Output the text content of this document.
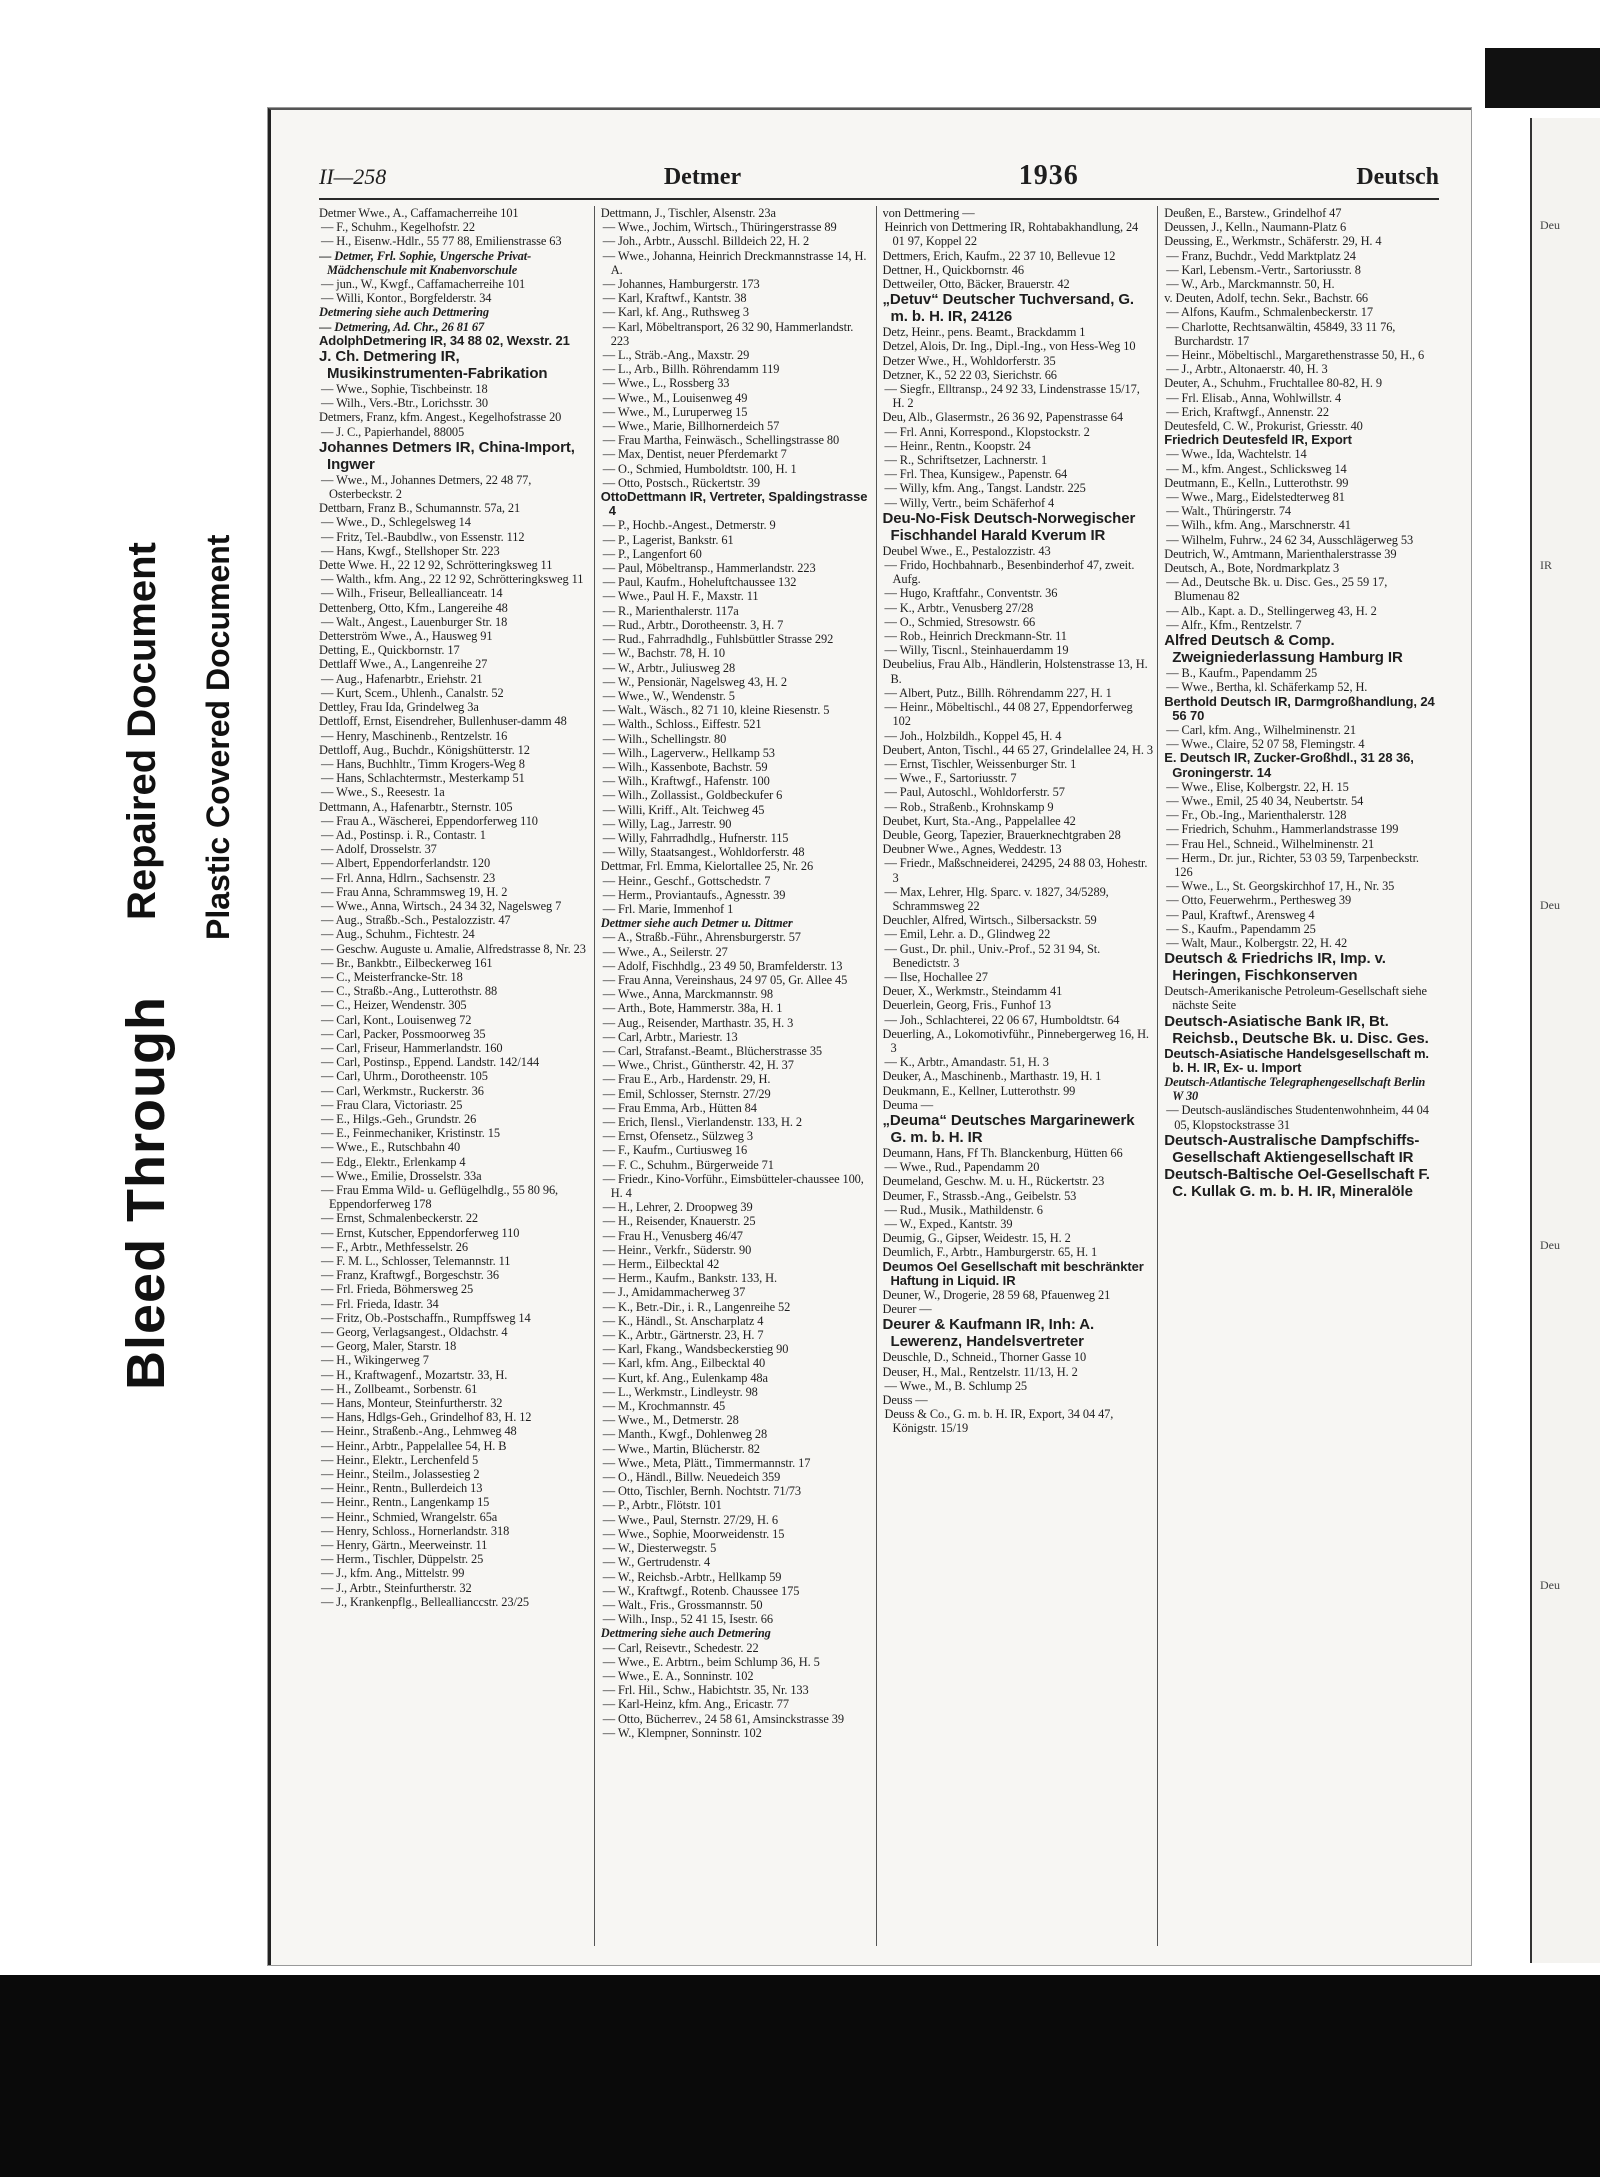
Bleed Through
Repaired Document Plastic Covered Document
II—258	Detmer	1936	Deutsch

Detmer Wwe., A., Caffamacherreihe 101

— F., Schuhm., Kegelhofstr. 22

— H., Eisenw.-Hdlr., 55 77 88, Emilienstrasse 63

— Detmer, Frl. Sophie, Ungersche Privat-Mädchenschule mit Knabenvorschule

— jun., W., Kwgf., Caffamacherreihe 101

— Willi, Kontor., Borgfelderstr. 34

Detmering siehe auch Dettmering

— Detmering, Ad. Chr., 26 81 67

AdolphDetmering IR, 34 88 02, Wexstr. 21

J. Ch. Detmering IR, Musikinstrumenten-Fabrikation

— Wwe., Sophie, Tischbeinstr. 18

— Wilh., Vers.-Btr., Lorichsstr. 30

Detmers, Franz, kfm. Angest., Kegelhofstrasse 20

— J. C., Papierhandel, 88005

Johannes Detmers IR, China-Import, Ingwer

— Wwe., M., Johannes Detmers, 22 48 77, Osterbeckstr. 2

Dettbarn, Franz B., Schumannstr. 57a, 21

— Wwe., D., Schlegelsweg 14

— Fritz, Tel.-Baubdlw., von Essenstr. 112

— Hans, Kwgf., Stellshoper Str. 223

Dette Wwe. H., 22 12 92, Schrötteringksweg 11

— Walth., kfm. Ang., 22 12 92, Schrötteringksweg 11

— Wilh., Friseur, Belleallianceatr. 14

Dettenberg, Otto, Kfm., Langereihe 48

— Walt., Angest., Lauenburger Str. 18

Detterström Wwe., A., Hausweg 91

Detting, E., Quickbornstr. 17

Dettlaff Wwe., A., Langenreihe 27

— Aug., Hafenarbtr., Eriehstr. 21

— Kurt, Scem., Uhlenh., Canalstr. 52

Dettley, Frau Ida, Grindelweg 3a

Dettloff, Ernst, Eisendreher, Bullenhuser-damm 48

— Henry, Maschinenb., Rentzelstr. 16

Dettloff, Aug., Buchdr., Königshütterstr. 12

— Hans, Buchhltr., Timm Krogers-Weg 8

— Hans, Schlachtermstr., Mesterkamp 51

— Wwe., S., Reesestr. 1a

Dettmann, A., Hafenarbtr., Sternstr. 105

— Frau A., Wäscherei, Eppendorferweg 110

— Ad., Postinsp. i. R., Contastr. 1

— Adolf, Drosselstr. 37

— Albert, Eppendorferlandstr. 120

— Frl. Anna, Hdlrn., Sachsenstr. 23

— Frau Anna, Schrammsweg 19, H. 2

— Wwe., Anna, Wirtsch., 24 34 32, Nagelsweg 7

— Aug., Straßb.-Sch., Pestalozzistr. 47

— Aug., Schuhm., Fichtestr. 24

— Geschw. Auguste u. Amalie, Alfredstrasse 8, Nr. 23

— Br., Bankbtr., Eilbeckerweg 161

— C., Meisterfrancke-Str. 18

— C., Straßb.-Ang., Lutterothstr. 88

— C., Heizer, Wendenstr. 305

— Carl, Kont., Louisenweg 72

— Carl, Packer, Possmoorweg 35

— Carl, Friseur, Hammerlandstr. 160

— Carl, Postinsp., Eppend. Landstr. 142/144

— Carl, Uhrm., Dorotheenstr. 105

— Carl, Werkmstr., Ruckerstr. 36

— Frau Clara, Victoriastr. 25

— E., Hilgs.-Geh., Grundstr. 26

— E., Feinmechaniker, Kristinstr. 15

— Wwe., E., Rutschbahn 40

— Edg., Elektr., Erlenkamp 4

— Wwe., Emilie, Drosselstr. 33a

— Frau Emma Wild- u. Geflügelhdlg., 55 80 96, Eppendorferweg 178

— Ernst, Schmalenbeckerstr. 22

— Ernst, Kutscher, Eppendorferweg 110

— F., Arbtr., Methfesselstr. 26

— F. M. L., Schlosser, Telemannstr. 11

— Franz, Kraftwgf., Borgeschstr. 36

— Frl. Frieda, Böhmersweg 25

— Frl. Frieda, Idastr. 34

— Fritz, Ob.-Postschaffn., Rumpffsweg 14

— Georg, Verlagsangest., Oldachstr. 4

— Georg, Maler, Starstr. 18

— H., Wikingerweg 7

— H., Kraftwagenf., Mozartstr. 33, H.

— H., Zollbeamt., Sorbenstr. 61

— Hans, Monteur, Steinfurtherstr. 32

— Hans, Hdlgs-Geh., Grindelhof 83, H. 12

— Heinr., Straßenb.-Ang., Lehmweg 48

— Heinr., Arbtr., Pappelallee 54, H. B

— Heinr., Elektr., Lerchenfeld 5

— Heinr., Steilm., Jolassestieg 2

— Heinr., Rentn., Bullerdeich 13

— Heinr., Rentn., Langenkamp 15

— Heinr., Schmied, Wrangelstr. 65a

— Henry, Schloss., Hornerlandstr. 318

— Henry, Gärtn., Meerweinstr. 11

— Herm., Tischler, Düppelstr. 25

— J., kfm. Ang., Mittelstr. 99

— J., Arbtr., Steinfurtherstr. 32

— J., Krankenpflg., Belleallianccstr. 23/25

Dettmann, J., Tischler, Alsenstr. 23a

— Wwe., Jochim, Wirtsch., Thüringerstrasse 89

— Joh., Arbtr., Ausschl. Billdeich 22, H. 2

— Wwe., Johanna, Heinrich Dreckmannstrasse 14, H. A.

— Johannes, Hamburgerstr. 173

— Karl, Kraftwf., Kantstr. 38

— Karl, kf. Ang., Ruthsweg 3

— Karl, Möbeltransport, 26 32 90, Hammerlandstr. 223

— L., Sträb.-Ang., Maxstr. 29

— L., Arb., Billh. Röhrendamm 119

— Wwe., L., Rossberg 33

— Wwe., M., Louisenweg 49

— Wwe., M., Luruperweg 15

— Wwe., Marie, Billhornerdeich 57

— Frau Martha, Feinwäsch., Schellingstrasse 80

— Max, Dentist, neuer Pferdemarkt 7

— O., Schmied, Humboldtstr. 100, H. 1

— Otto, Postsch., Rückertstr. 39

OttoDettmann IR, Vertreter, Spaldingstrasse 4

— P., Hochb.-Angest., Detmerstr. 9

— P., Lagerist, Bankstr. 61

— P., Langenfort 60

— Paul, Möbeltransp., Hammerlandstr. 223

— Paul, Kaufm., Hoheluftchaussee 132

— Wwe., Paul H. F., Maxstr. 11

— R., Marienthalerstr. 117a

— Rud., Arbtr., Dorotheenstr. 3, H. 7

— Rud., Fahrradhdlg., Fuhlsbüttler Strasse 292

— W., Bachstr. 78, H. 10

— W., Arbtr., Juliusweg 28

— W., Pensionär, Nagelsweg 43, H. 2

— Wwe., W., Wendenstr. 5

— Walt., Wäsch., 82 71 10, kleine Riesenstr. 5

— Walth., Schloss., Eiffestr. 521

— Wilh., Schellingstr. 80

— Wilh., Lagerverw., Hellkamp 53

— Wilh., Kassenbote, Bachstr. 59

— Wilh., Kraftwgf., Hafenstr. 100

— Wilh., Zollassist., Goldbeckufer 6

— Willi, Kriff., Alt. Teichweg 45

— Willy, Lag., Jarrestr. 90

— Willy, Fahrradhdlg., Hufnerstr. 115

— Willy, Staatsangest., Wohldorferstr. 48

Dettmar, Frl. Emma, Kielortallee 25, Nr. 26

— Heinr., Geschf., Gottschedstr. 7

— Herm., Proviantaufs., Agnesstr. 39

— Frl. Marie, Immenhof 1

Dettmer siehe auch Detmer u. Dittmer

— A., Straßb.-Führ., Ahrensburgerstr. 57

— Wwe., A., Seilerstr. 27

— Adolf, Fischhdlg., 23 49 50, Bramfelderstr. 13

— Frau Anna, Vereinshaus, 24 97 05, Gr. Allee 45

— Wwe., Anna, Marckmannstr. 98

— Arth., Bote, Hammerstr. 38a, H. 1

— Aug., Reisender, Marthastr. 35, H. 3

— Carl, Arbtr., Mariestr. 13

— Carl, Strafanst.-Beamt., Blücherstrasse 35

— Wwe., Christ., Güntherstr. 42, H. 37

— Frau E., Arb., Hardenstr. 29, H.

— Emil, Schlosser, Sternstr. 27/29

— Frau Emma, Arb., Hütten 84

— Erich, Ilensl., Vierlandenstr. 133, H. 2

— Ernst, Ofensetz., Sülzweg 3

— F., Kaufm., Curtiusweg 16

— F. C., Schuhm., Bürgerweide 71

— Friedr., Kino-Vorführ., Eimsbütteler-chaussee 100, H. 4

— H., Lehrer, 2. Droopweg 39

— H., Reisender, Knauerstr. 25

— Frau H., Venusberg 46/47

— Heinr., Verkfr., Süderstr. 90

— Herm., Eilbecktal 42

— Herm., Kaufm., Bankstr. 133, H.

— J., Amidammacherweg 37

— K., Betr.-Dir., i. R., Langenreihe 52

— K., Händl., St. Anscharplatz 4

— K., Arbtr., Gärtnerstr. 23, H. 7

— Karl, Fkang., Wandsbeckerstieg 90

— Karl, kfm. Ang., Eilbecktal 40

— Kurt, kf. Ang., Eulenkamp 48a

— L., Werkmstr., Lindleystr. 98

— M., Krochmannstr. 45

— Wwe., M., Detmerstr. 28

— Manth., Kwgf., Dohlenweg 28

— Wwe., Martin, Blücherstr. 82

— Wwe., Meta, Plätt., Timmermannstr. 17

— O., Händl., Billw. Neuedeich 359

— Otto, Tischler, Bernh. Nochtstr. 71/73

— P., Arbtr., Flötstr. 101

— Wwe., Paul, Sternstr. 27/29, H. 6

— Wwe., Sophie, Moorweidenstr. 15

— W., Diesterwegstr. 5

— W., Gertrudenstr. 4

— W., Reichsb.-Arbtr., Hellkamp 59

— W., Kraftwgf., Rotenb. Chaussee 175

— Walt., Fris., Grossmannstr. 50

— Wilh., Insp., 52 41 15, Isestr. 66

Dettmering siehe auch Detmering

— Carl, Reisevtr., Schedestr. 22

— Wwe., E. Arbtrn., beim Schlump 36, H. 5

— Wwe., E. A., Sonninstr. 102

— Frl. Hil., Schw., Habichtstr. 35, Nr. 133

— Karl-Heinz, kfm. Ang., Ericastr. 77

— Otto, Bücherrev., 24 58 61, Amsinckstrasse 39

— W., Klempner, Sonninstr. 102

von Dettmering —

Heinrich von Dettmering IR, Rohtabakhandlung, 24 01 97, Koppel 22

Dettmers, Erich, Kaufm., 22 37 10, Bellevue 12

Dettner, H., Quickbornstr. 46

Dettweiler, Otto, Bäcker, Brauerstr. 42

„Detuv“ Deutscher Tuchversand, G. m. b. H. IR, 24126

Detz, Heinr., pens. Beamt., Brackdamm 1

Detzel, Alois, Dr. Ing., Dipl.-Ing., von Hess-Weg 10

Detzer Wwe., H., Wohldorferstr. 35

Detzner, K., 52 22 03, Sierichstr. 66

— Siegfr., Elltransp., 24 92 33, Lindenstrasse 15/17, H. 2

Deu, Alb., Glasermstr., 26 36 92, Papenstrasse 64

— Frl. Anni, Korrespond., Klopstockstr. 2

— Heinr., Rentn., Koopstr. 24

— R., Schriftsetzer, Lachnerstr. 1

— Frl. Thea, Kunsigew., Papenstr. 64

— Willy, kfm. Ang., Tangst. Landstr. 225

— Willy, Vertr., beim Schäferhof 4

Deu-No-Fisk Deutsch-Norwegischer Fischhandel Harald Kverum IR

Deubel Wwe., E., Pestalozzistr. 43

— Frido, Hochbahnarb., Besenbinderhof 47, zweit. Aufg.

— Hugo, Kraftfahr., Conventstr. 36

— K., Arbtr., Venusberg 27/28

— O., Schmied, Stresowstr. 66

— Rob., Heinrich Dreckmann-Str. 11

— Willy, Tiscnl., Steinhauerdamm 19

Deubelius, Frau Alb., Händlerin, Holstenstrasse 13, H. B.

— Albert, Putz., Billh. Röhrendamm 227, H. 1

— Heinr., Möbeltischl., 44 08 27, Eppendorferweg 102

— Joh., Holzbildh., Koppel 45, H. 4

Deubert, Anton, Tischl., 44 65 27, Grindelallee 24, H. 3

— Ernst, Tischler, Weissenburger Str. 1

— Wwe., F., Sartoriusstr. 7

— Paul, Autoschl., Wohldorferstr. 57

— Rob., Straßenb., Krohnskamp 9

Deubet, Kurt, Sta.-Ang., Pappelallee 42

Deuble, Georg, Tapezier, Brauerknechtgraben 28

Deubner Wwe., Agnes, Weddestr. 13

— Friedr., Maßschneiderei, 24295, 24 88 03, Hohestr. 3

— Max, Lehrer, Hlg. Sparc. v. 1827, 34/5289, Schrammsweg 22

Deuchler, Alfred, Wirtsch., Silbersackstr. 59

— Emil, Lehr. a. D., Glindweg 22

— Gust., Dr. phil., Univ.-Prof., 52 31 94, St. Benedictstr. 3

— Ilse, Hochallee 27

Deuer, X., Werkmstr., Steindamm 41

Deuerlein, Georg, Fris., Funhof 13

— Joh., Schlachterei, 22 06 67, Humboldtstr. 64

Deuerling, A., Lokomotivführ., Pinnebergerweg 16, H. 3

— K., Arbtr., Amandastr. 51, H. 3

Deuker, A., Maschinenb., Marthastr. 19, H. 1

Deukmann, E., Kellner, Lutterothstr. 99

Deuma —

„Deuma“ Deutsches Margarinewerk G. m. b. H. IR

Deumann, Hans, Ff Th. Blanckenburg, Hütten 66

— Wwe., Rud., Papendamm 20

Deumeland, Geschw. M. u. H., Rückertstr. 23

Deumer, F., Strassb.-Ang., Geibelstr. 53

— Rud., Musik., Mathildenstr. 6

— W., Exped., Kantstr. 39

Deumig, G., Gipser, Weidestr. 15, H. 2

Deumlich, F., Arbtr., Hamburgerstr. 65, H. 1

Deumos Oel Gesellschaft mit beschränkter Haftung in Liquid. IR

Deuner, W., Drogerie, 28 59 68, Pfauenweg 21

Deurer —

Deurer & Kaufmann IR, Inh: A. Lewerenz, Handelsvertreter

Deuschle, D., Schneid., Thorner Gasse 10

Deuser, H., Mal., Rentzelstr. 11/13, H. 2

— Wwe., M., B. Schlump 25

Deuss —

Deuss & Co., G. m. b. H. IR, Export, 34 04 47, Königstr. 15/19

Deußen, E., Barstew., Grindelhof 47

Deussen, J., Kelln., Naumann-Platz 6

Deussing, E., Werkmstr., Schäferstr. 29, H. 4

— Franz, Buchdr., Vedd Marktplatz 24

— Karl, Lebensm.-Vertr., Sartoriusstr. 8

— W., Arb., Marckmannstr. 50, H.

v. Deuten, Adolf, techn. Sekr., Bachstr. 66

— Alfons, Kaufm., Schmalenbeckerstr. 17

— Charlotte, Rechtsanwältin, 45849, 33 11 76, Burchardstr. 17

— Heinr., Möbeltischl., Margarethenstrasse 50, H., 6

— J., Arbtr., Altonaerstr. 40, H. 3

Deuter, A., Schuhm., Fruchtallee 80-82, H. 9

— Frl. Elisab., Anna, Wohlwillstr. 4

— Erich, Kraftwgf., Annenstr. 22

Deutesfeld, C. W., Prokurist, Griesstr. 40

Friedrich Deutesfeld IR, Export

— Wwe., Ida, Wachtelstr. 14

— M., kfm. Angest., Schlicksweg 14

Deutmann, E., Kelln., Lutterothstr. 99

— Wwe., Marg., Eidelstedterweg 81

— Walt., Thüringerstr. 74

— Wilh., kfm. Ang., Marschnerstr. 41

— Wilhelm, Fuhrw., 24 62 34, Ausschlägerweg 53

Deutrich, W., Amtmann, Marienthalerstrasse 39

Deutsch, A., Bote, Nordmarkplatz 3

— Ad., Deutsche Bk. u. Disc. Ges., 25 59 17, Blumenau 82

— Alb., Kapt. a. D., Stellingerweg 43, H. 2

— Alfr., Kfm., Rentzelstr. 7

Alfred Deutsch & Comp. Zweigniederlassung Hamburg IR

— B., Kaufm., Papendamm 25

— Wwe., Bertha, kl. Schäferkamp 52, H.

Berthold Deutsch IR, Darmgroßhandlung, 24 56 70

— Carl, kfm. Ang., Wilhelminenstr. 21

— Wwe., Claire, 52 07 58, Flemingstr. 4

E. Deutsch IR, Zucker-Großhdl., 31 28 36, Groningerstr. 14

— Wwe., Elise, Kolbergstr. 22, H. 15

— Wwe., Emil, 25 40 34, Neubertstr. 54

— Fr., Ob.-Ing., Marienthalerstr. 128

— Friedrich, Schuhm., Hammerlandstrasse 199

— Frau Hel., Schneid., Wilhelminenstr. 21

— Herm., Dr. jur., Richter, 53 03 59, Tarpenbeckstr. 126

— Wwe., L., St. Georgskirchhof 17, H., Nr. 35

— Otto, Feuerwehrm., Perthesweg 39

— Paul, Kraftwf., Arensweg 4

— S., Kaufm., Papendamm 25

— Walt, Maur., Kolbergstr. 22, H. 42

Deutsch & Friedrichs IR, Imp. v. Heringen, Fischkonserven

Deutsch-Amerikanische Petroleum-Gesellschaft siehe nächste Seite

Deutsch-Asiatische Bank IR, Bt. Reichsb., Deutsche Bk. u. Disc. Ges.

Deutsch-Asiatische Handelsgesellschaft m. b. H. IR, Ex- u. Import

Deutsch-Atlantische Telegraphengesellschaft Berlin W 30

— Deutsch-ausländisches Studentenwohnheim, 44 04 05, Klopstockstrasse 31

Deutsch-Australische Dampfschiffs-Gesellschaft Aktiengesellschaft IR

Deutsch-Baltische Oel-Gesellschaft F. C. Kullak G. m. b. H. IR, Mineralöle

Deu
IR
Deu
Deu
Deu
